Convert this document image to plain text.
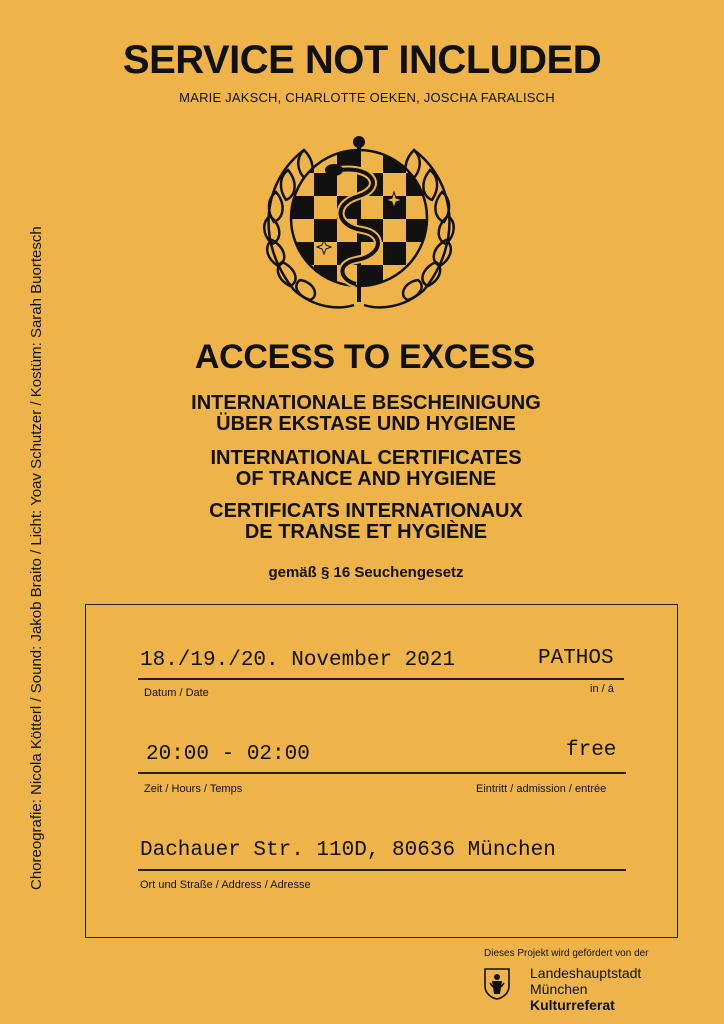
SERVICE NOT INCLUDED
MARIE JAKSCH, CHARLOTTE OEKEN, JOSCHA FARALISCH
Choreografie: Nicola Kötterl / Sound: Jakob Braito / Licht: Yoav Schutzer / Kostüm: Sarah Buortesch	ACCESS TO EXCESS
INTERNATIONALE BESCHEINIGUNG
ÜBER EKSTASE UND HYGIENE
INTERNATIONAL CERTIFICATES
OF TRANCE AND HYGIENE
CERTIFICATS INTERNATIONAUX
DE TRANSE ET HYGIÈNE
gemäß § 16 Seuchengesetz
18./19./20. November 2021	PATHOS
Datum / Date	in / á
20:00 - 02:00	free
Zeit / Hours / Temps	Eintritt / admission / entrée
Dachauer Str. 110D, 80636 München
Ort und Straße / Address / Adresse
Dieses Projekt wird gefördert von der
Landeshauptstadt
München
Kulturreferat
